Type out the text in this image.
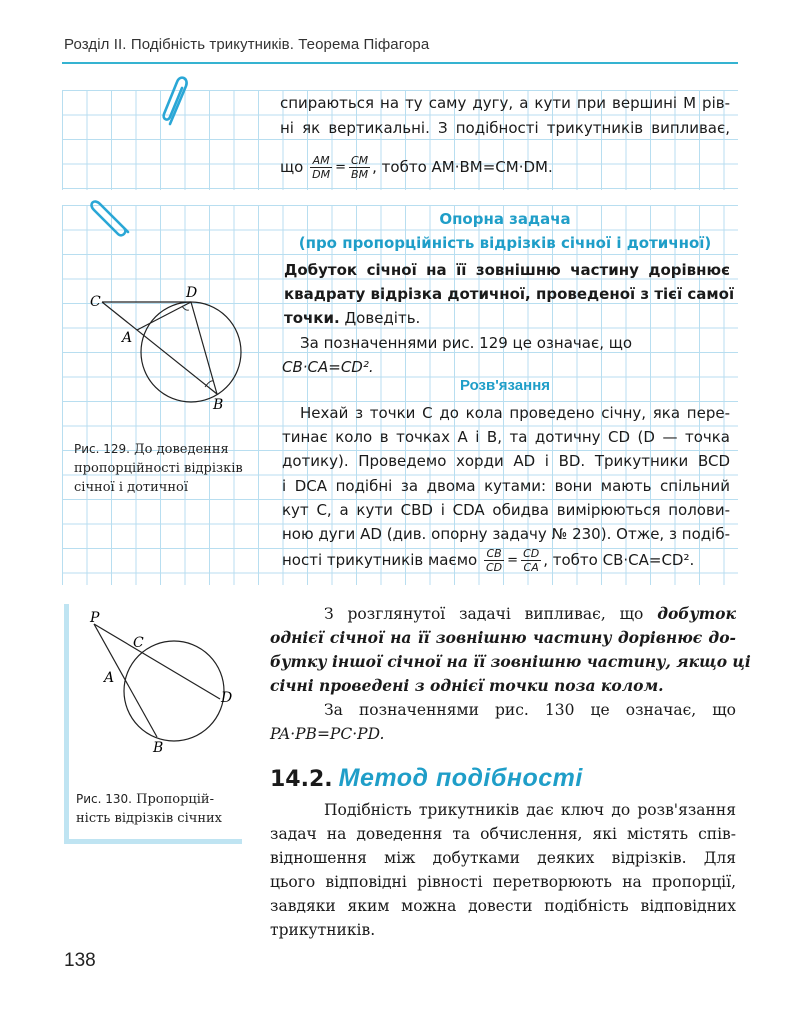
Розділ ІІ. Подібність трикутників. Теорема Піфагора
спираються на ту саму дугу, а кути при вершині M рів-
ні як вертикальні. З подібності трикутників випливає,
що $\frac{AM}{DM} = \frac{CM}{BM}$ , тобто AM·BM=CM·DM.
Опорна задача
(про пропорційність відрізків січної і дотичної)
Добуток січної на її зовнішню частину дорівнює
квадрату відрізка дотичної, проведеної з тієї самої
точки. Доведіть.
За позначеннями рис. 129 це означає, що
CB·CA=CD².
Розв'язання
Нехай з точки C до кола проведено січну, яка пере-
тинає коло в точках A і B, та дотичну CD (D — точка
дотику). Проведемо хорди AD і BD. Трикутники BCD
і DCA подібні за двома кутами: вони мають спільний
кут C, а кути CBD і CDA обидва вимірюються полови-
ною дуги AD (див. опорну задачу № 230). Отже, з подіб-
ності трикутників маємо $\frac{CB}{CD} = \frac{CD}{CA}$ , тобто CB·CA=CD².
C
D
A
B
Рис. 129. До доведення
пропорційності відрізків
січної і дотичної
P
C
A
D
B
Рис. 130. Пропорцій-
ність відрізків січних
З розглянутої задачі випливає, що добуток
однієї січної на її зовнішню частину дорівнює до-
бутку іншої січної на її зовнішню частину, якщо ці
січні проведені з однієї точки поза колом.
За позначеннями рис. 130 це означає, що
PA·PB=PC·PD.
14.2. Метод подібності
Подібність трикутників дає ключ до розв'язання
задач на доведення та обчислення, які містять спів-
відношення між добутками деяких відрізків. Для
цього відповідні рівності перетворюють на пропорції,
завдяки яким можна довести подібність відповідних
трикутників.
138
